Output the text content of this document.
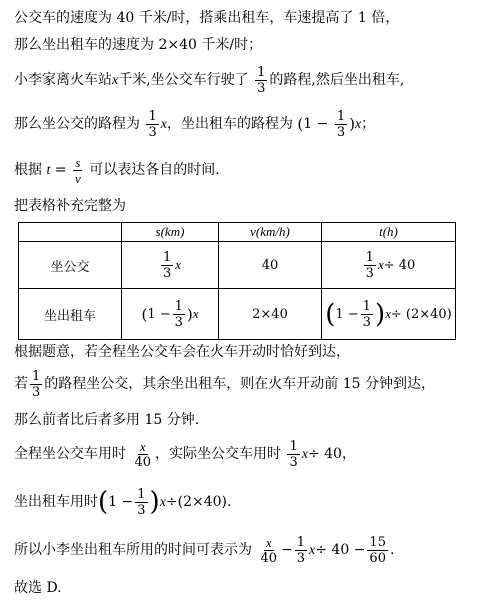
公交车的速度为 40 千米/时，搭乘出租车，车速提高了 1 倍，
那么坐出租车的速度为 2×40 千米/时；
小李家离火车站x千米,坐公交车行驶了 $\frac{1}{3}$ 的路程,然后坐出租车,
那么坐公交的路程为 $\frac{1}{3}$ x，坐出租车的路程为 $(1 - \frac{1}{3} )x$；
根据 $t = \frac{s}{v}$ 可以表达各自的时间.
把表格补充完整为
	s(km)	v(km/h)	t(h)
坐公交	$\frac{1}{3}$ x	40	$\frac{1}{3} x\div 40$
坐出租车	$(1 - \frac{1}{3} )x$	2×40	$(1 - \frac{1}{3} )x\div (2\times 40)$
根据题意，若全程坐公交车会在火车开动时恰好到达，
若 $\frac{1}{3}$ 的路程坐公交，其余坐出租车，则在火车开动前 15 分钟到达，
那么前者比后者多用 15 分钟.
全程坐公交车用时 $\frac{x}{40}$ ，实际坐公交车用时 $\frac{1}{3} x\div 40$，
坐出租车用时$(1 - \frac{1}{3} )x\div(2\times 40)$.
所以小李坐出租车所用的时间可表示为 $\frac{x}{40} - \frac{1}{3} x\div 40 - \frac{15}{60}$ .
故选 D.
